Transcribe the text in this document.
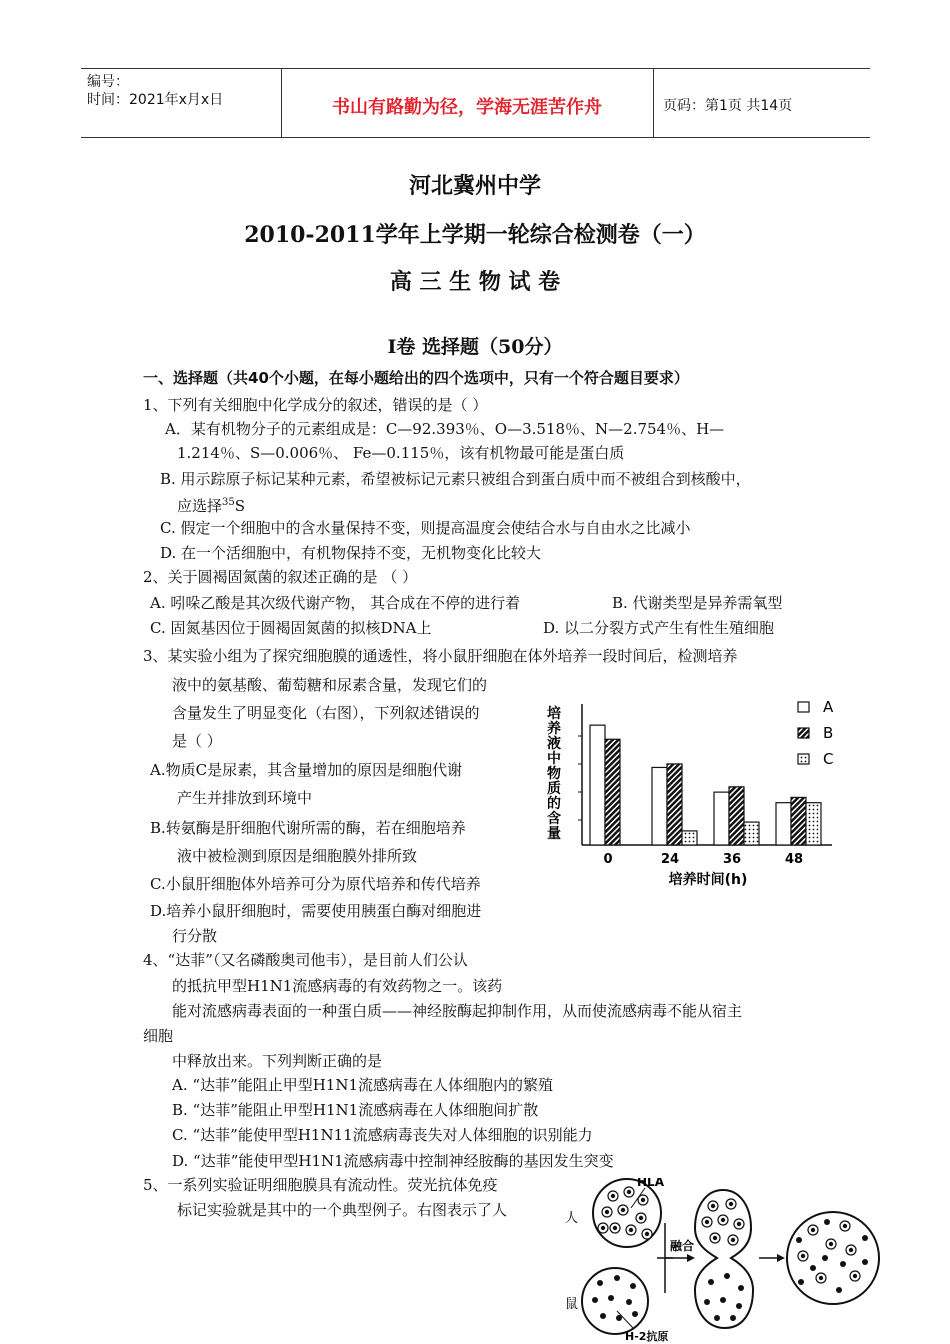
编号：
时间：2021年x月x日	书山有路勤为径，学海无涯苦作舟	页码：第1页 共14页
河北冀州中学
2010-2011学年上学期一轮综合检测卷（一）
高 三 生 物 试 卷
Ⅰ卷 选择题（50分）
一、选择题（共40个小题，在每小题给出的四个选项中，只有一个符合题目要求）
1、下列有关细胞中化学成分的叙述，错误的是（ ）
A．某有机物分子的元素组成是：C—92.393％、O—3.518％、N—2.754％、H—
1.214％、S—0.006％、 Fe—0.115％，该有机物最可能是蛋白质
B. 用示踪原子标记某种元素，希望被标记元素只被组合到蛋白质中而不被组合到核酸中，
应选择$^{35}$S
C. 假定一个细胞中的含水量保持不变，则提高温度会使结合水与自由水之比减小
D. 在一个活细胞中，有机物保持不变，无机物变化比较大
2、关于圆褐固氮菌的叙述正确的是 （ ）
A. 吲哚乙酸是其次级代谢产物， 其合成在不停的进行着	B. 代谢类型是异养需氧型
C. 固氮基因位于圆褐固氮菌的拟核DNA上	D. 以二分裂方式产生有性生殖细胞
3、某实验小组为了探究细胞膜的通透性，将小鼠肝细胞在体外培养一段时间后，检测培养
液中的氨基酸、葡萄糖和尿素含量，发现它们的
含量发生了明显变化（右图），下列叙述错误的
是（ ）
A.物质C是尿素，其含量增加的原因是细胞代谢
产生并排放到环境中
B.转氨酶是肝细胞代谢所需的酶，若在细胞培养
液中被检测到原因是细胞膜外排所致
C.小鼠肝细胞体外培养可分为原代培养和传代培养
D.培养小鼠肝细胞时，需要使用胰蛋白酶对细胞进
行分散
培养液中物质的含量
0	24	36	48
A
B
C
培养时间(h)
4、“达菲”（又名磷酸奥司他韦），是目前人们公认
的抵抗甲型H1N1流感病毒的有效药物之一。该药
能对流感病毒表面的一种蛋白质——神经胺酶起抑制作用，从而使流感病毒不能从宿主
细胞
中释放出来。下列判断正确的是
A. “达菲”能阻止甲型H1N1流感病毒在人体细胞内的繁殖
B. “达菲”能阻止甲型H1N1流感病毒在人体细胞间扩散
C. “达菲”能使甲型H1N11流感病毒丧失对人体细胞的识别能力
D. “达菲”能使甲型H1N1流感病毒中控制神经胺酶的基因发生突变
5、一系列实验证明细胞膜具有流动性。荧光抗体免疫
标记实验就是其中的一个典型例子。右图表示了人
HLA
人
鼠
H-2抗原
融合
